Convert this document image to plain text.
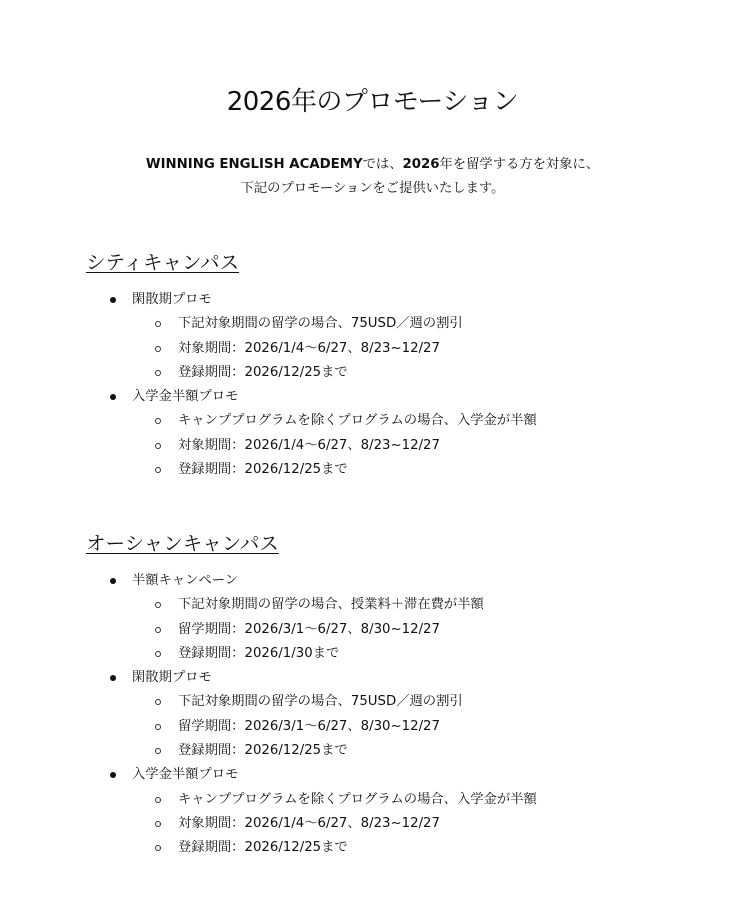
2026年のプロモーション
WINNING ENGLISH ACADEMYでは、2026年を留学する方を対象に、
下記のプロモーションをご提供いたします。
シティキャンパス
閑散期プロモ
下記対象期間の留学の場合、75USD／週の割引
対象期間：2026/1/4〜6/27、8/23~12/27
登録期間：2026/12/25まで
入学金半額プロモ
キャンププログラムを除くプログラムの場合、入学金が半額
対象期間：2026/1/4〜6/27、8/23~12/27
登録期間：2026/12/25まで
オーシャンキャンパス
半額キャンペーン
下記対象期間の留学の場合、授業料＋滞在費が半額
留学期間：2026/3/1〜6/27、8/30~12/27
登録期間：2026/1/30まで
閑散期プロモ
下記対象期間の留学の場合、75USD／週の割引
留学期間：2026/3/1〜6/27、8/30~12/27
登録期間：2026/12/25まで
入学金半額プロモ
キャンププログラムを除くプログラムの場合、入学金が半額
対象期間：2026/1/4〜6/27、8/23~12/27
登録期間：2026/12/25まで
